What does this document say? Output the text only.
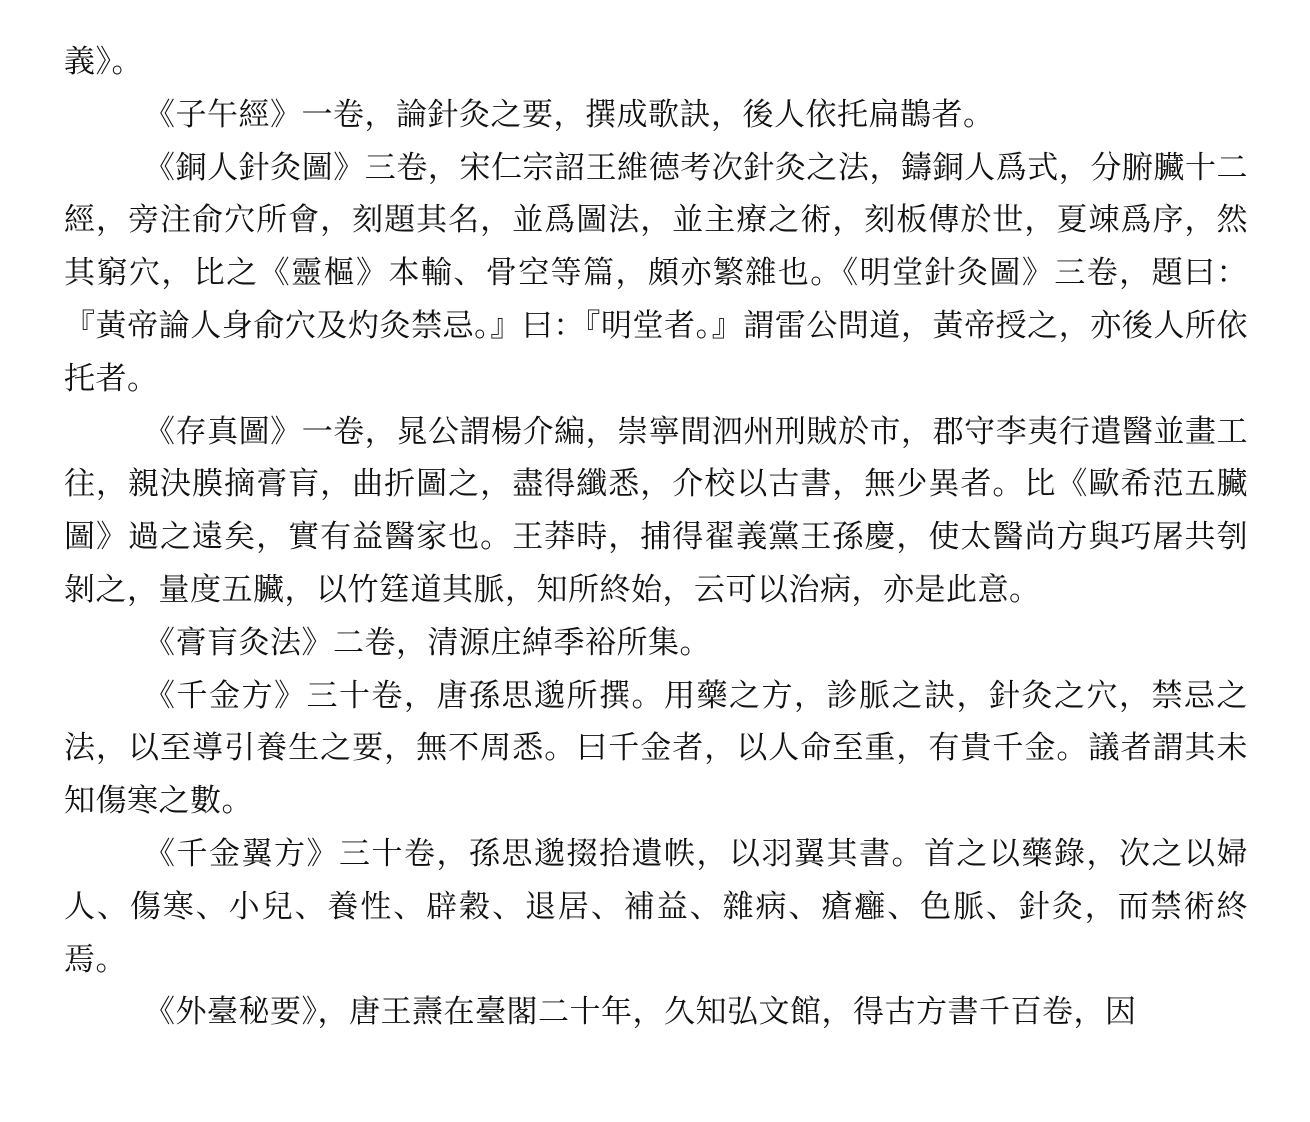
義》。

《子午經》一卷，論針灸之要，撰成歌訣，後人依托扁鵲者。

《銅人針灸圖》三卷，宋仁宗詔王維德考次針灸之法，鑄銅人爲式，分腑臟十二經，旁注俞穴所會，刻題其名，並爲圖法，並主療之術，刻板傳於世，夏竦爲序，然其窮穴，比之《靈樞》本輸、骨空等篇，頗亦繁雜也。《明堂針灸圖》三卷，題曰：『黃帝論人身俞穴及灼灸禁忌。』曰：『明堂者。』謂雷公問道，黃帝授之，亦後人所依托者。

《存真圖》一卷，晁公謂楊介編，崇寧間泗州刑賊於市，郡守李夷行遣醫並畫工往，親決膜摘膏肓，曲折圖之，盡得纖悉，介校以古書，無少異者。比《歐希范五臟圖》過之遠矣，實有益醫家也。王莽時，捕得翟義黨王孫慶，使太醫尚方與巧屠共刳剝之，量度五臟，以竹筳道其脈，知所終始，云可以治病，亦是此意。

《膏肓灸法》二卷，清源庄綽季裕所集。

《千金方》三十卷，唐孫思邈所撰。用藥之方，診脈之訣，針灸之穴，禁忌之法，以至導引養生之要，無不周悉。曰千金者，以人命至重，有貴千金。議者謂其未知傷寒之數。

《千金翼方》三十卷，孫思邈掇拾遺帙，以羽翼其書。首之以藥錄，次之以婦人、傷寒、小兒、養性、辟穀、退居、補益、雜病、瘡癰、色脈、針灸，而禁術終焉。

《外臺秘要》，唐王燾在臺閣二十年，久知弘文館，得古方書千百卷，因
